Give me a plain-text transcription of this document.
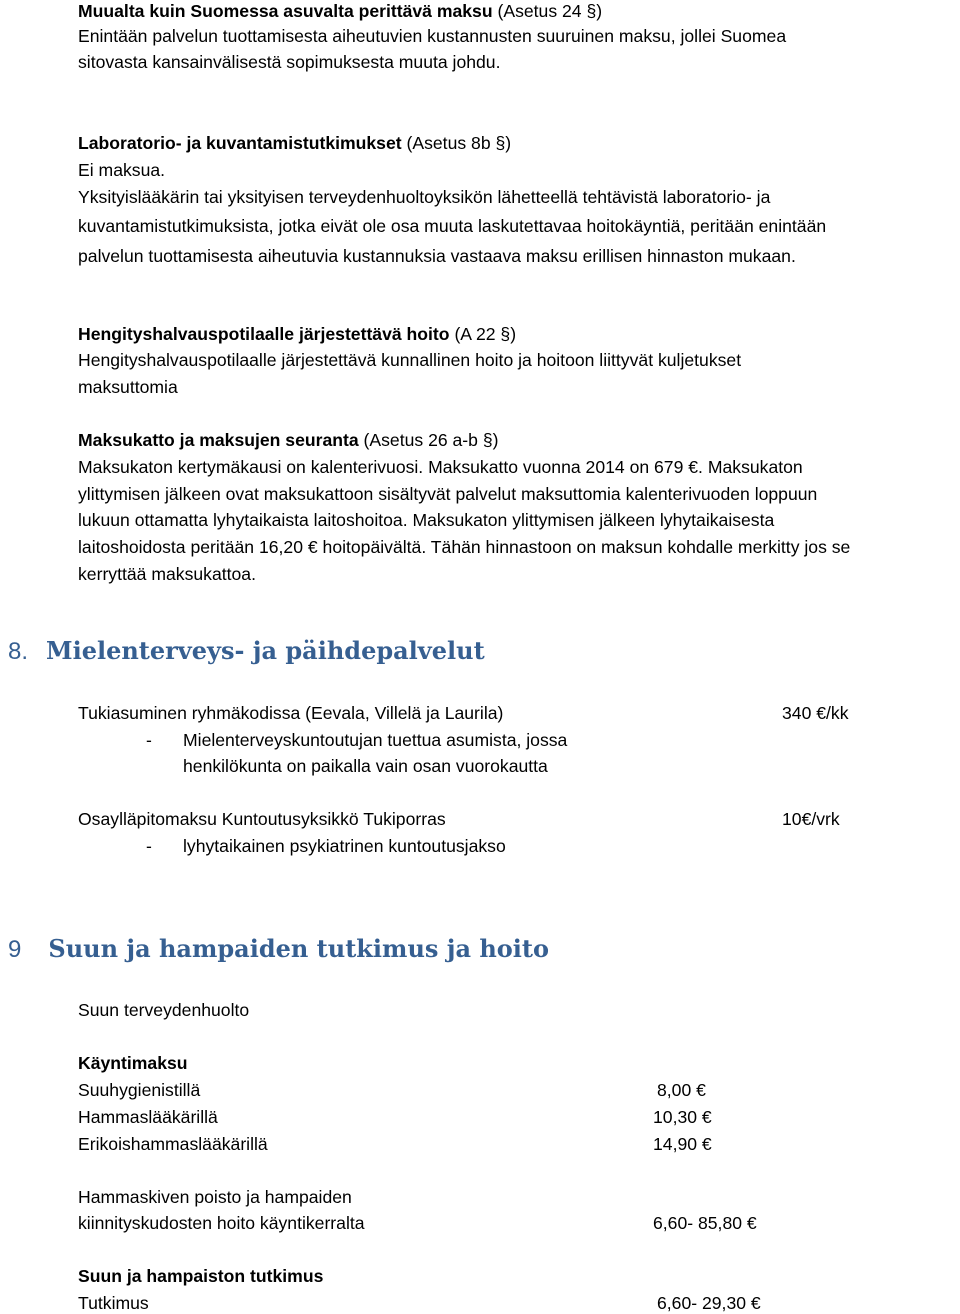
Muualta kuin Suomessa asuvalta perittävä maksu (Asetus 24 §)
Enintään palvelun tuottamisesta aiheutuvien kustannusten suuruinen maksu, jollei Suomea
sitovasta kansainvälisestä sopimuksesta muuta johdu.
Laboratorio- ja kuvantamistutkimukset (Asetus 8b §)
Ei maksua.
Yksityislääkärin tai yksityisen terveydenhuoltoyksikön lähetteellä tehtävistä laboratorio- ja
kuvantamistutkimuksista, jotka eivät ole osa muuta laskutettavaa hoitokäyntiä, peritään enintään
palvelun tuottamisesta aiheutuvia kustannuksia vastaava maksu erillisen hinnaston mukaan.
Hengityshalvauspotilaalle järjestettävä hoito (A 22 §)
Hengityshalvauspotilaalle järjestettävä kunnallinen hoito ja hoitoon liittyvät kuljetukset
maksuttomia
Maksukatto ja maksujen seuranta (Asetus 26 a-b §)
Maksukaton kertymäkausi on kalenterivuosi. Maksukatto vuonna 2014 on 679 €. Maksukaton
ylittymisen jälkeen ovat maksukattoon sisältyvät palvelut maksuttomia kalenterivuoden loppuun
lukuun ottamatta lyhytaikaista laitoshoitoa. Maksukaton ylittymisen jälkeen lyhytaikaisesta
laitoshoidosta peritään 16,20 € hoitopäivältä. Tähän hinnastoon on maksun kohdalle merkitty jos se
kerryttää maksukattoa.
8. Mielenterveys- ja päihdepalvelut
Tukiasuminen ryhmäkodissa (Eevala, Villelä ja Laurila)	340 €/kk
- Mielenterveyskuntoutujan tuettua asumista, jossa
henkilökunta on paikalla vain osan vuorokautta
Osaylläpitomaksu Kuntoutusyksikkö Tukiporras	10€/vrk
- lyhytaikainen psykiatrinen kuntoutusjakso
9 Suun ja hampaiden tutkimus ja hoito
Suun terveydenhuolto
Käyntimaksu
Suuhygienistillä	8,00 €
Hammaslääkärillä	10,30 €
Erikoishammaslääkärillä	14,90 €
Hammaskiven poisto ja hampaiden
kiinnityskudosten hoito käyntikerralta	6,60- 85,80 €
Suun ja hampaiston tutkimus
Tutkimus	6,60- 29,30 €
